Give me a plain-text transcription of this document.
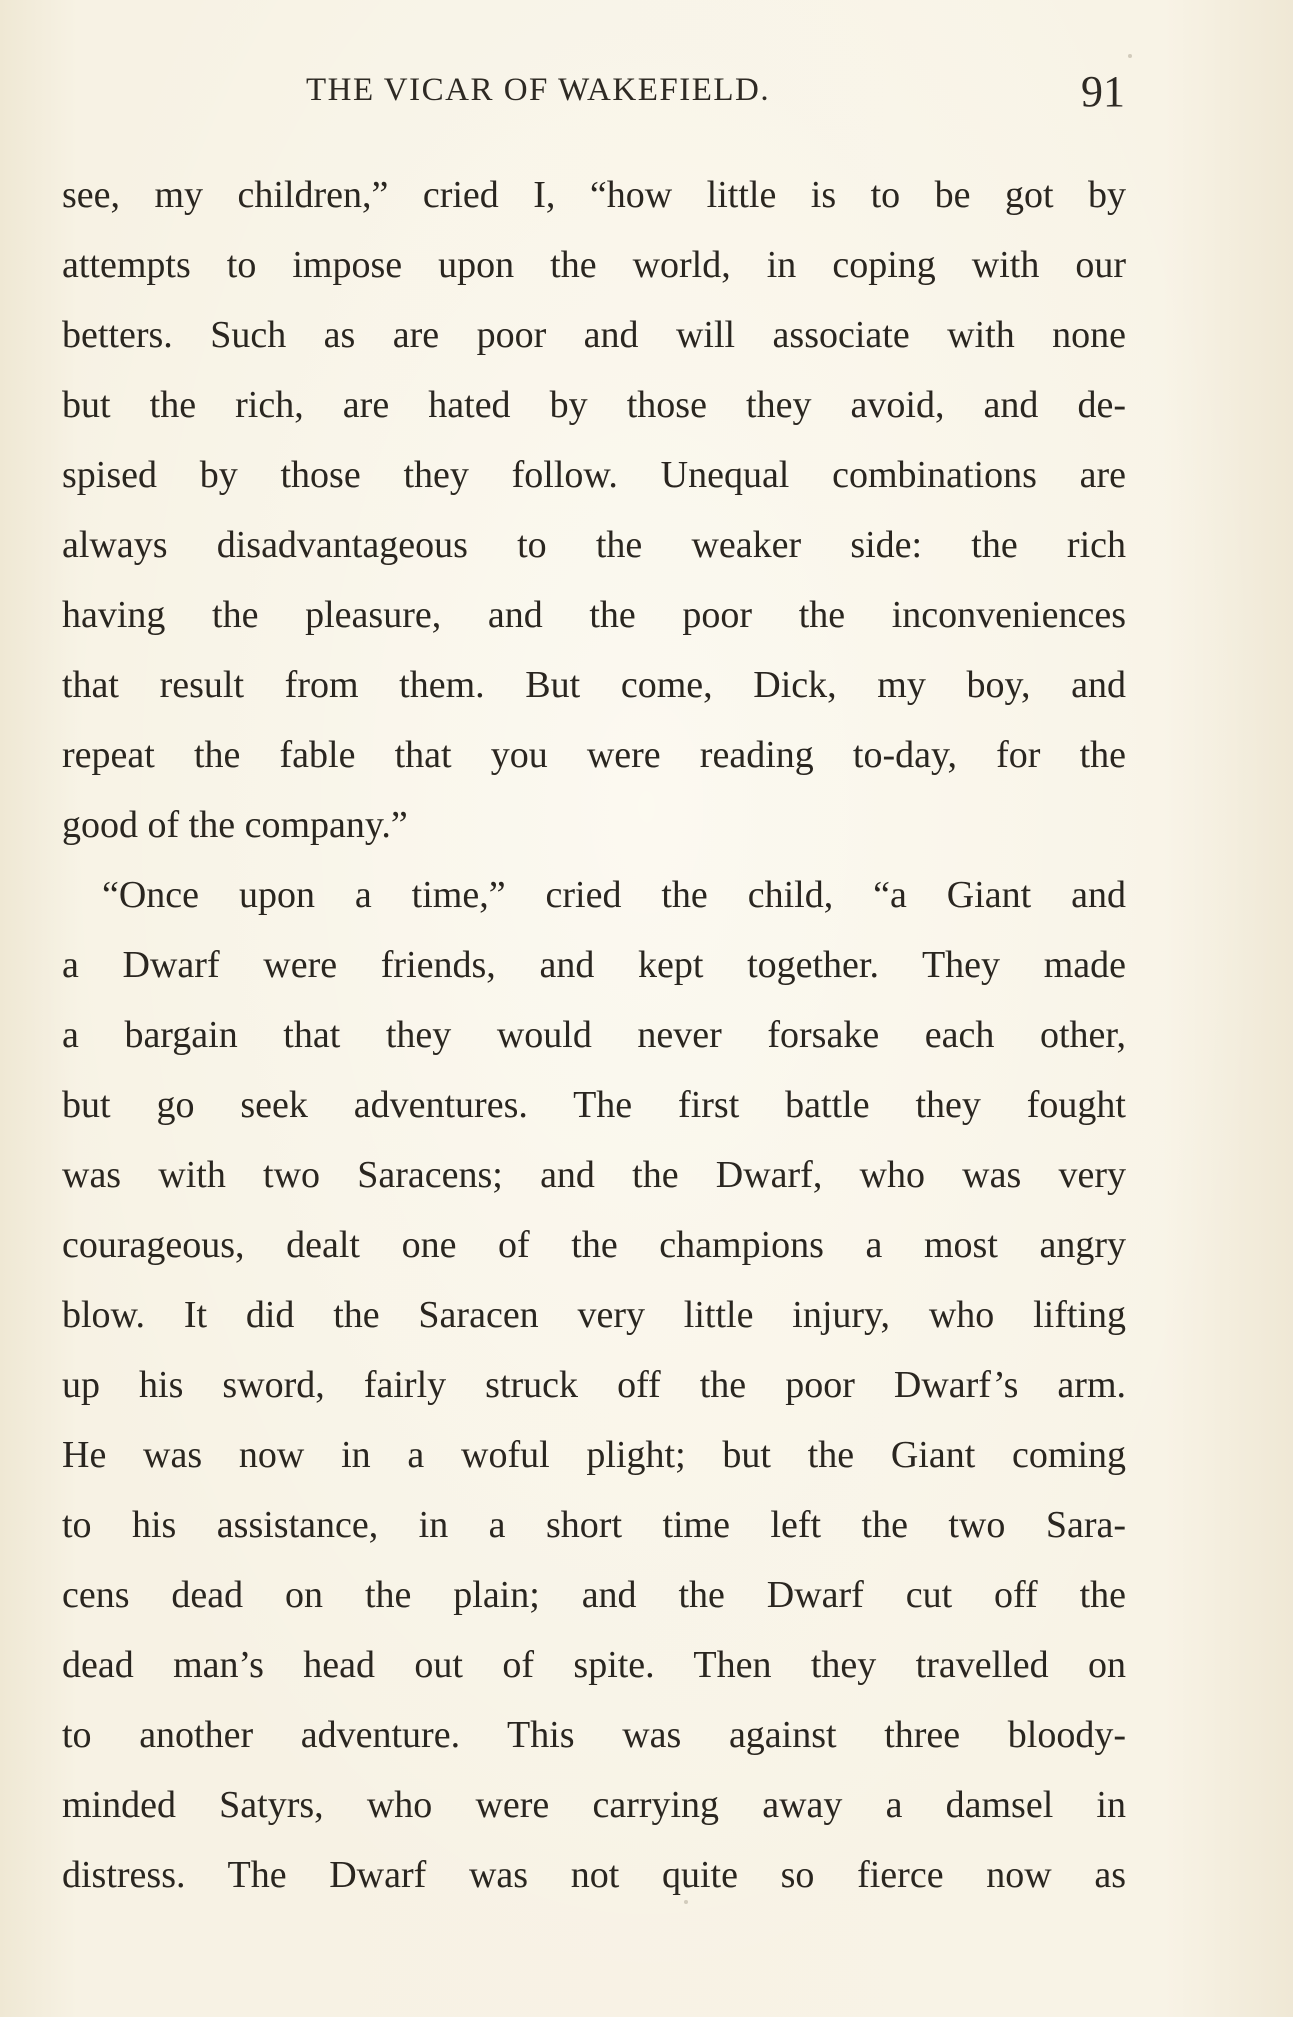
THE VICAR OF WAKEFIELD.	91
see, my children,” cried I, “how little is to be got by
attempts to impose upon the world, in coping with our
betters. Such as are poor and will associate with none
but the rich, are hated by those they avoid, and de-
spised by those they follow. Unequal combinations are
always disadvantageous to the weaker side: the rich
having the pleasure, and the poor the inconveniences
that result from them. But come, Dick, my boy, and
repeat the fable that you were reading to-day, for the
good of the company.”
“Once upon a time,” cried the child, “a Giant and
a Dwarf were friends, and kept together. They made
a bargain that they would never forsake each other,
but go seek adventures. The first battle they fought
was with two Saracens; and the Dwarf, who was very
courageous, dealt one of the champions a most angry
blow. It did the Saracen very little injury, who lifting
up his sword, fairly struck off the poor Dwarf’s arm.
He was now in a woful plight; but the Giant coming
to his assistance, in a short time left the two Sara-
cens dead on the plain; and the Dwarf cut off the
dead man’s head out of spite. Then they travelled on
to another adventure. This was against three bloody-
minded Satyrs, who were carrying away a damsel in
distress. The Dwarf was not quite so fierce now as
